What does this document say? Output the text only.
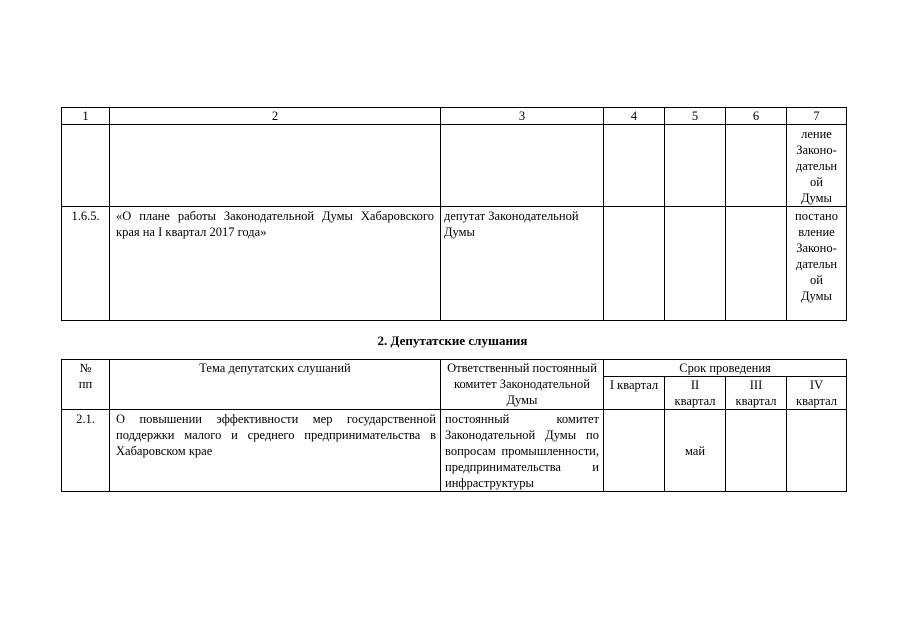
1	2	3	4	5	6	7

						ление Законо-дательной Думы

1.6.5.	«О плане работы Законодательной Думы Хабаровского края на I квартал 2017 года»	депутат Законодательной Думы				постановление Законо-дательной Думы
2. Депутатские слушания
№ пп	Тема депутатских слушаний	Ответственный постоянный комитет Законодательной Думы	Срок проведения			

			I квартал	II квартал	III квартал	IV квартал

2.1.	О повышении эффективности мер государственной поддержки малого и среднего предпринимательства в Хабаровском крае	постоянный комитет Законодательной Думы по вопросам промышленности, предпринимательства и инфраструктуры		май		
